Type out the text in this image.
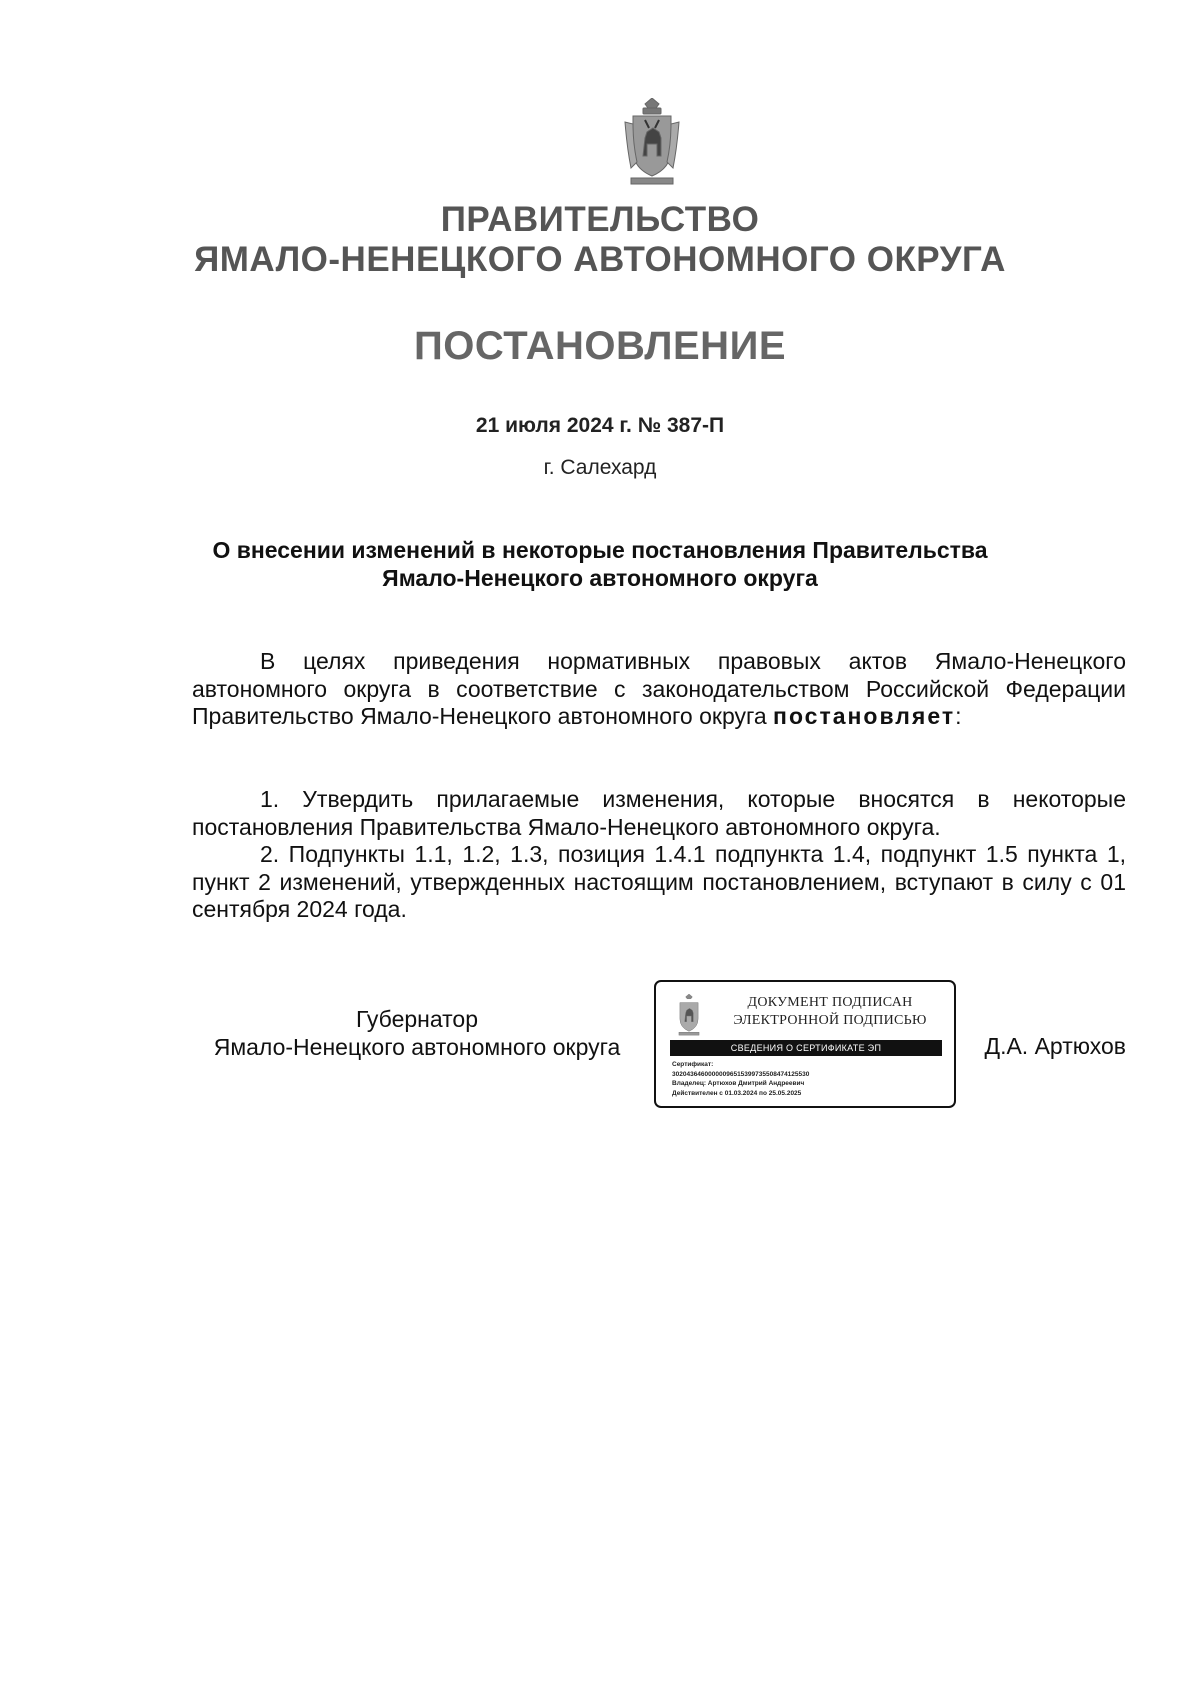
ПРАВИТЕЛЬСТВО
ЯМАЛО-НЕНЕЦКОГО АВТОНОМНОГО ОКРУГА
ПОСТАНОВЛЕНИЕ
21 июля 2024 г. № 387-П
г. Салехард
О внесении изменений в некоторые постановления Правительства
Ямало-Ненецкого автономного округа

В целях приведения нормативных правовых актов Ямало-Ненецкого автономного округа в соответствие с законодательством Российской Федерации Правительство Ямало-Ненецкого автономного округа постановляет:

1. Утвердить прилагаемые изменения, которые вносятся в некоторые постановления Правительства Ямало-Ненецкого автономного округа.

2. Подпункты 1.1, 1.2, 1.3, позиция 1.4.1 подпункта 1.4, подпункт 1.5 пункта 1, пункт 2 изменений, утвержденных настоящим постановлением, вступают в силу с 01 сентября 2024 года.

Губернатор
Ямало-Ненецкого автономного округа
ДОКУМЕНТ ПОДПИСАН
ЭЛЕКТРОННОЙ ПОДПИСЬЮ
СВЕДЕНИЯ О СЕРТИФИКАТЕ ЭП
Сертификат:
30204364600000096515399735508474125530
Владелец: Артюхов Дмитрий Андреевич
Действителен с 01.03.2024 по 25.05.2025
Д.А. Артюхов
